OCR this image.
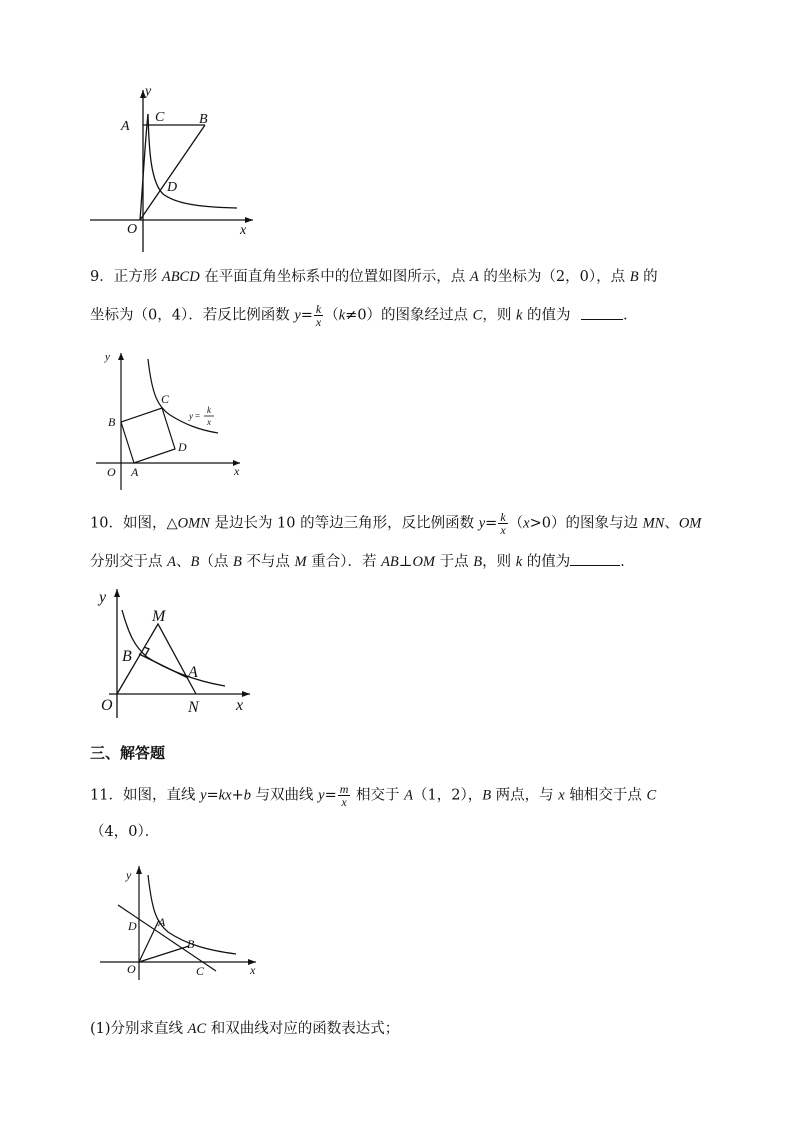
y
x
O
A	B
C
D
9．正方形 ABCD 在平面直角坐标系中的位置如图所示，点 A 的坐标为（2，0），点 B 的
坐标为（0，4）．若反比例函数 $y= \frac{k}{x} (k\ne 0)$的图象经过点 C，则 k 的值为	．
y
x
O A
B
C
D
y =
k
x
10．如图，△OMN 是边长为 10 的等边三角形，反比例函数 $y= \frac{k}{x} (x>0)$的图象与边 MN、OM
分别交于点 A、B（点 B 不与点 M 重合）．若 AB⊥OM 于点 B，则 k 的值为	．
y
x
O
A
B
M
N
三、解答题
11．如图，直线 y=kx+b 与双曲线 $y= \frac{m}{x}$ 相交于 A（1，2），B 两点，与 x 轴相交于点 C
（4，0）．
y
x
O
A
B
C
D
(1)分别求直线 AC 和双曲线对应的函数表达式；
